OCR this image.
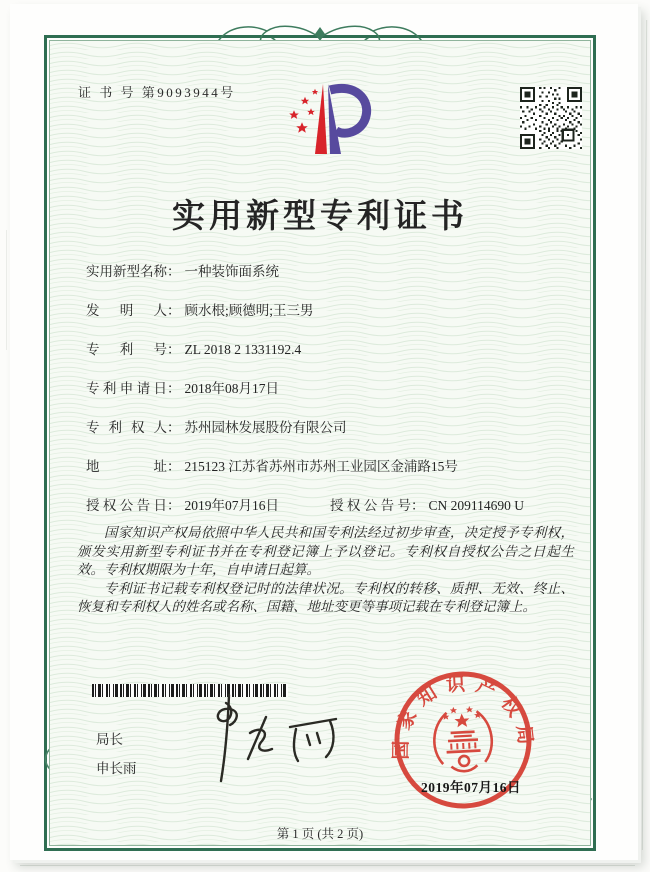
证 书 号 第9093944号
实用新型专利证书
实用新型名称： 一种装饰面系统
发明人： 顾水根;顾德明;王三男
专利号： ZL 2018 2 1331192.4
专利申请日： 2018年08月17日
专利权人： 苏州园林发展股份有限公司
地址： 215123 江苏省苏州市苏州工业园区金浦路15号
授权公告日： 2019年07月16日	授权公告号： CN 209114690 U

国家知识产权局依照中华人民共和国专利法经过初步审查，决定授予专利权，颁发实用新型专利证书并在专利登记簿上予以登记。专利权自授权公告之日起生效。专利权期限为十年，自申请日起算。

专利证书记载专利权登记时的法律状况。专利权的转移、质押、无效、终止、恢复和专利权人的姓名或名称、国籍、地址变更等事项记载在专利登记簿上。

局长
申长雨
国家知识产权局
2019年07月16日
第 1 页 (共 2 页)
